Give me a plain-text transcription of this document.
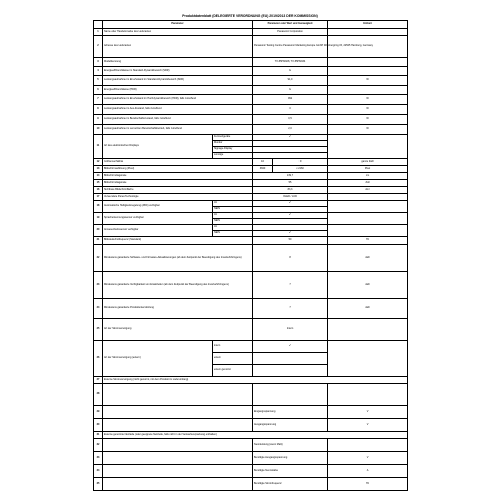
Produktdatenblatt (DELEGIERTE VERORDNUNG (EU) 2019/2013 DER KOMMISSION)
	Parameter		Parameter oder Wert und Genauigkeit		Einheit
1	Name oder Handelsmarke des Lieferanten		Panasonic Corporation		
2	Adresse des Lieferanten		Panasonic Testing Centre Panasonic Marketing Europe GmbH Winsbergring 15, 22525 Hamburg, Germany		
3	Modellkennung		TX-55HN928, TX-55HN934		
4	Energieeffizienzklasse im Standard-Dynamikbereich (SDR)		G		
5	Leistungsaufnahme im Ein-Zustand im Standard-Dynamikbereich (SDR)		91,0		W
6	Energieeffizienzklasse (HDR)		G		
7	Leistungsaufnahme im Ein-Zustand im Hochdynamikbereich (HDR), falls zutreffend		992		W
8	Leistungsaufnahme im Aus-Zustand, falls zutreffend		0		W
9	Leistungsaufnahme im Bereitschaftszustand, falls zutreffend		0,5		W
10	Leistungsaufnahme im vernetzten Bereitschaftsbetrieb, falls zutreffend		2,0		W
11	Art des elektronischen Displays	Fernsehgeräte	✔		
		Monitor			
		Signage-Display			
		sonstige			
12	Größenverhältnis		16	: 9	ganze Zahl
13	Bildschirmauflösung (Pixel)		3840	x 2160	Pixel
14	Bildschirmdiagonale		139,7		cm
15	Bildschirmdiagonale		55		Zoll
16	Sichtbare Bildschirmfläche		83,3		dm²
17	Verwendete Panel-Technologie		OLED / LCD		
18	Automatische Helligkeitsregelung (ABC) verfügbar	JA	✔		
		NEIN			
19	Spracherkennungssensor verfügbar	JA	✔		
		NEIN			
20	Anwesenheitssensor verfügbar	JA			
		NEIN	✔		
21	Bildwiederholfrequenz (Standard)		50		Hz
22	Mindestens garantierte Software- und Firmware-Aktualisierungen (ab dem Zeitpunkt der Beendigung des Inverkehrbringens)		8		Jahr
23	Mindestens garantierte Verfügbarkeit von Ersatzteilen (ab dem Zeitpunkt der Beendigung des Inverkehrbringens)		7		Jahr
24	Mindestens garantierte Produktunterstützung		7		Jahr
25	Art der Stromversorgung		Intern		
26	Art der Stromversorgung (extern)	intern	✔		
		extern			
		extern genormt			
27	Externe Stromversorgung (nicht genormt, mit dem Produkt im Lieferumfang)				
28					
29			Eingangsspannung		V
30			Ausgangsspannung		V
31	Externe genormte Netzteile (oder geeignete Netzteile, falls nicht in der Verkaufsverpackung enthalten)				
32			Nennleistung (wenn Maß)		
33			Benötigte Ausgangsspannung		V
34			Benötigte Nennstärke		A
35			Benötigte Stromfrequenz		Hz
